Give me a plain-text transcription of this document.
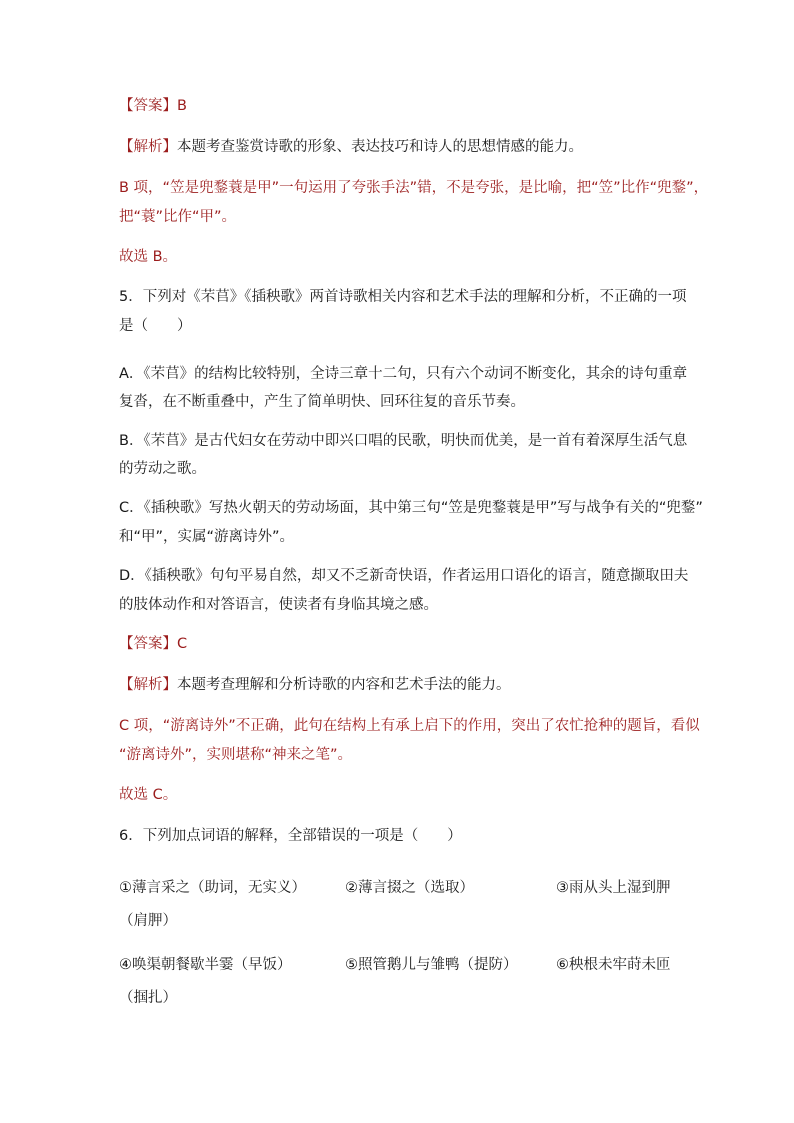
【答案】B
【解析】本题考查鉴赏诗歌的形象、表达技巧和诗人的思想情感的能力。
B 项，“笠是兜鍪蓑是甲”一句运用了夸张手法”错，不是夸张，是比喻，把“笠”比作“兜鍪”，
把“蓑”比作“甲”。
故选 B。
5．下列对《芣苢》《插秧歌》两首诗歌相关内容和艺术手法的理解和分析，不正确的一项
是（　　）
A．《芣苢》的结构比较特别，全诗三章十二句，只有六个动词不断变化，其余的诗句重章
复沓，在不断重叠中，产生了简单明快、回环往复的音乐节奏。
B．《芣苢》是古代妇女在劳动中即兴口唱的民歌，明快而优美，是一首有着深厚生活气息
的劳动之歌。
C．《插秧歌》写热火朝天的劳动场面，其中第三句“笠是兜鍪蓑是甲”写与战争有关的“兜鍪”
和“甲”，实属“游离诗外”。
D．《插秧歌》句句平易自然，却又不乏新奇快语，作者运用口语化的语言，随意撷取田夫
的肢体动作和对答语言，使读者有身临其境之感。
【答案】C
【解析】本题考查理解和分析诗歌的内容和艺术手法的能力。
C 项，“游离诗外”不正确，此句在结构上有承上启下的作用，突出了农忙抢种的题旨，看似
“游离诗外”，实则堪称“神来之笔”。
故选 C。
6．下列加点词语的解释，全部错误的一项是（　　）
①薄言采之（助词，无实义）	②薄言掇之（选取）	③雨从头上湿到胛
（肩胛）
④唤渠朝餐歇半霎（早饭）	⑤照管鹅儿与雏鸭（提防）	⑥秧根未牢莳未匝
（掴扎）
